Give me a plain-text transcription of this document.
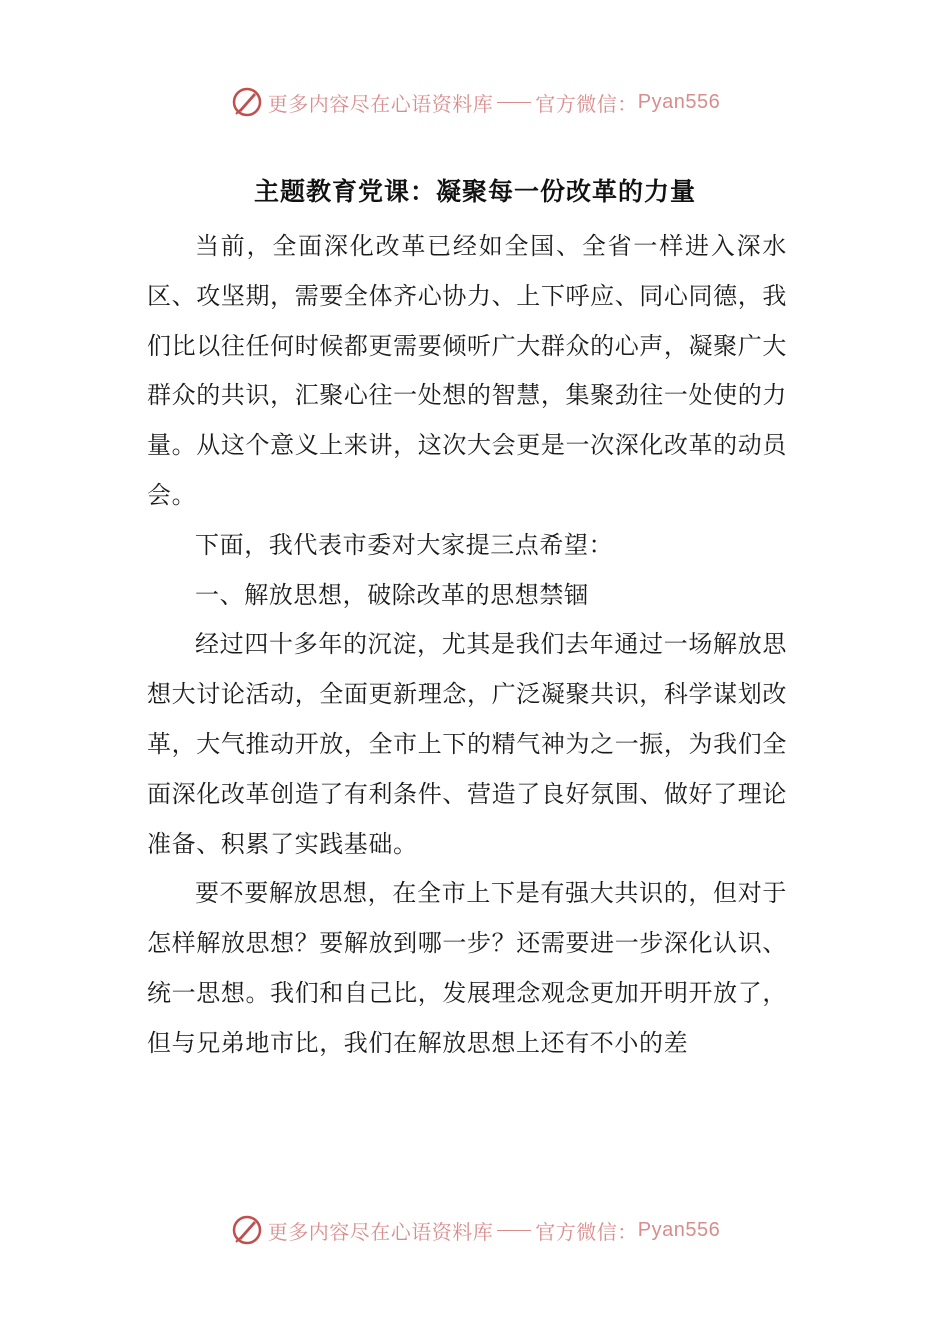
更多内容尽在心语资料库 官方微信： Pyan556
主题教育党课：凝聚每一份改革的力量

当前，全面深化改革已经如全国、全省一样进入深水区、攻坚期，需要全体齐心协力、上下呼应、同心同德，我们比以往任何时候都更需要倾听广大群众的心声，凝聚广大群众的共识，汇聚心往一处想的智慧，集聚劲往一处使的力量。从这个意义上来讲，这次大会更是一次深化改革的动员会。

下面，我代表市委对大家提三点希望：

一、解放思想，破除改革的思想禁锢

经过四十多年的沉淀，尤其是我们去年通过一场解放思想大讨论活动，全面更新理念，广泛凝聚共识，科学谋划改革，大气推动开放，全市上下的精气神为之一振，为我们全面深化改革创造了有利条件、营造了良好氛围、做好了理论准备、积累了实践基础。

要不要解放思想，在全市上下是有强大共识的，但对于怎样解放思想？要解放到哪一步？还需要进一步深化认识、统一思想。我们和自己比，发展理念观念更加开明开放了，但与兄弟地市比，我们在解放思想上还有不小的差

更多内容尽在心语资料库 官方微信： Pyan556
